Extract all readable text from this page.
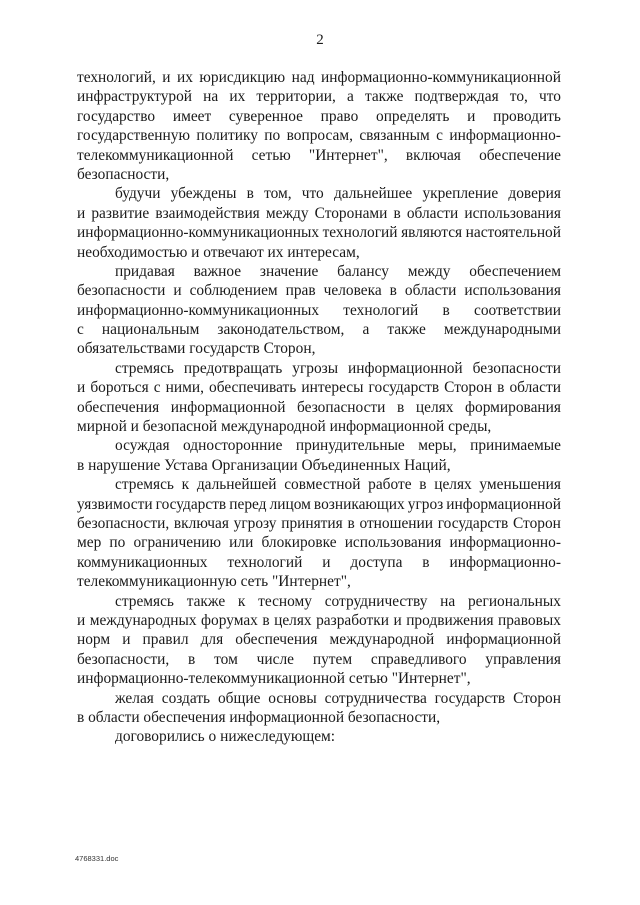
2
технологий, и их юрисдикцию над информационно-коммуникационной
инфраструктурой на их территории, а также подтверждая то, что
государство имеет суверенное право определять и проводить
государственную политику по вопросам, связанным с информационно-
телекоммуникационной сетью "Интернет", включая обеспечение
безопасности,
будучи убеждены в том, что дальнейшее укрепление доверия
и развитие взаимодействия между Сторонами в области использования
информационно-коммуникационных технологий являются настоятельной
необходимостью и отвечают их интересам,
придавая важное значение балансу между обеспечением
безопасности и соблюдением прав человека в области использования
информационно-коммуникационных технологий в соответствии
с национальным законодательством, а также международными
обязательствами государств Сторон,
стремясь предотвращать угрозы информационной безопасности
и бороться с ними, обеспечивать интересы государств Сторон в области
обеспечения информационной безопасности в целях формирования
мирной и безопасной международной информационной среды,
осуждая односторонние принудительные меры, принимаемые
в нарушение Устава Организации Объединенных Наций,
стремясь к дальнейшей совместной работе в целях уменьшения
уязвимости государств перед лицом возникающих угроз информационной
безопасности, включая угрозу принятия в отношении государств Сторон
мер по ограничению или блокировке использования информационно-
коммуникационных технологий и доступа в информационно-
телекоммуникационную сеть "Интернет",
стремясь также к тесному сотрудничеству на региональных
и международных форумах в целях разработки и продвижения правовых
норм и правил для обеспечения международной информационной
безопасности, в том числе путем справедливого управления
информационно-телекоммуникационной сетью "Интернет",
желая создать общие основы сотрудничества государств Сторон
в области обеспечения информационной безопасности,
договорились о нижеследующем:
4768331.doc
